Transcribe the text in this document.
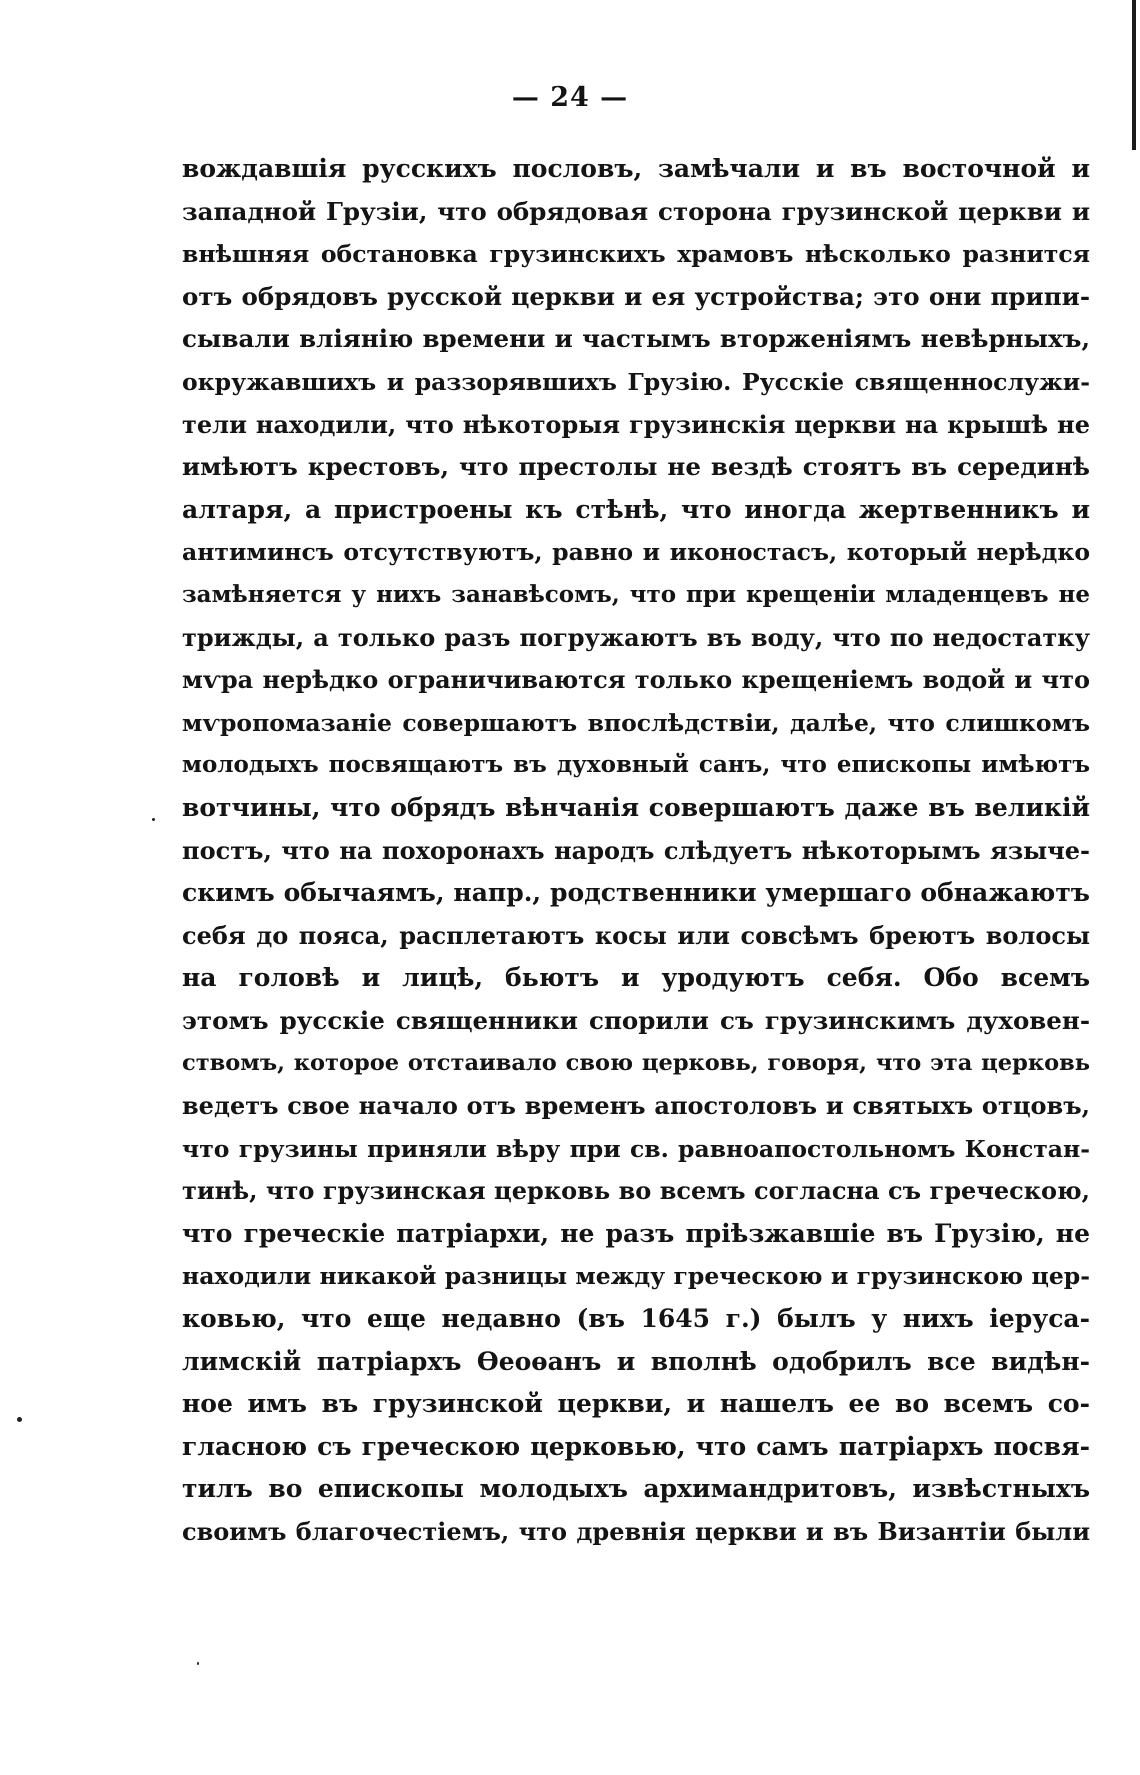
— 24 —
вождавшія русскихъ пословъ, замѣчали и въ восточной и
западной Грузіи, что обрядовая сторона грузинской церкви и
внѣшняя обстановка грузинскихъ храмовъ нѣсколько разнится
отъ обрядовъ русской церкви и ея устройства; это они припи-
сывали вліянію времени и частымъ вторженіямъ невѣрныхъ,
окружавшихъ и раззорявшихъ Грузію. Русскіе священнослужи-
тели находили, что нѣкоторыя грузинскія церкви на крышѣ не
имѣютъ крестовъ, что престолы не вездѣ стоятъ въ серединѣ
алтаря, а пристроены къ стѣнѣ, что иногда жертвенникъ и
антиминсъ отсутствуютъ, равно и иконостасъ, который нерѣдко
замѣняется у нихъ занавѣсомъ, что при крещеніи младенцевъ не
трижды, а только разъ погружаютъ въ воду, что по недостатку
мѵра нерѣдко ограничиваются только крещеніемъ водой и что
мѵропомазаніе совершаютъ впослѣдствіи, далѣе, что слишкомъ
молодыхъ посвящаютъ въ духовный санъ, что епископы имѣютъ
вотчины, что обрядъ вѣнчанія совершаютъ даже въ великій
постъ, что на похоронахъ народъ слѣдуетъ нѣкоторымъ языче-
скимъ обычаямъ, напр., родственники умершаго обнажаютъ
себя до пояса, расплетаютъ косы или совсѣмъ бреютъ волосы
на головѣ и лицѣ, бьютъ и уродуютъ себя. Обо всемъ
этомъ русскіе священники спорили съ грузинскимъ духовен-
ствомъ, которое отстаивало свою церковь, говоря, что эта церковь
ведетъ свое начало отъ временъ апостоловъ и святыхъ отцовъ,
что грузины приняли вѣру при св. равноапостольномъ Констан-
тинѣ, что грузинская церковь во всемъ согласна съ греческою,
что греческіе патріархи, не разъ пріѣзжавшіе въ Грузію, не
находили никакой разницы между греческою и грузинскою цер-
ковью, что еще недавно (въ 1645 г.) былъ у нихъ іерусa-
лимскій патріархъ Ѳеоѳанъ и вполнѣ одобрилъ все видѣн-
ное имъ въ грузинской церкви, и нашелъ ее во всемъ со-
гласною съ греческою церковью, что самъ патріархъ посвя-
тилъ во епископы молодыхъ архимандритовъ, извѣстныхъ
своимъ благочестіемъ, что древнія церкви и въ Византіи были
